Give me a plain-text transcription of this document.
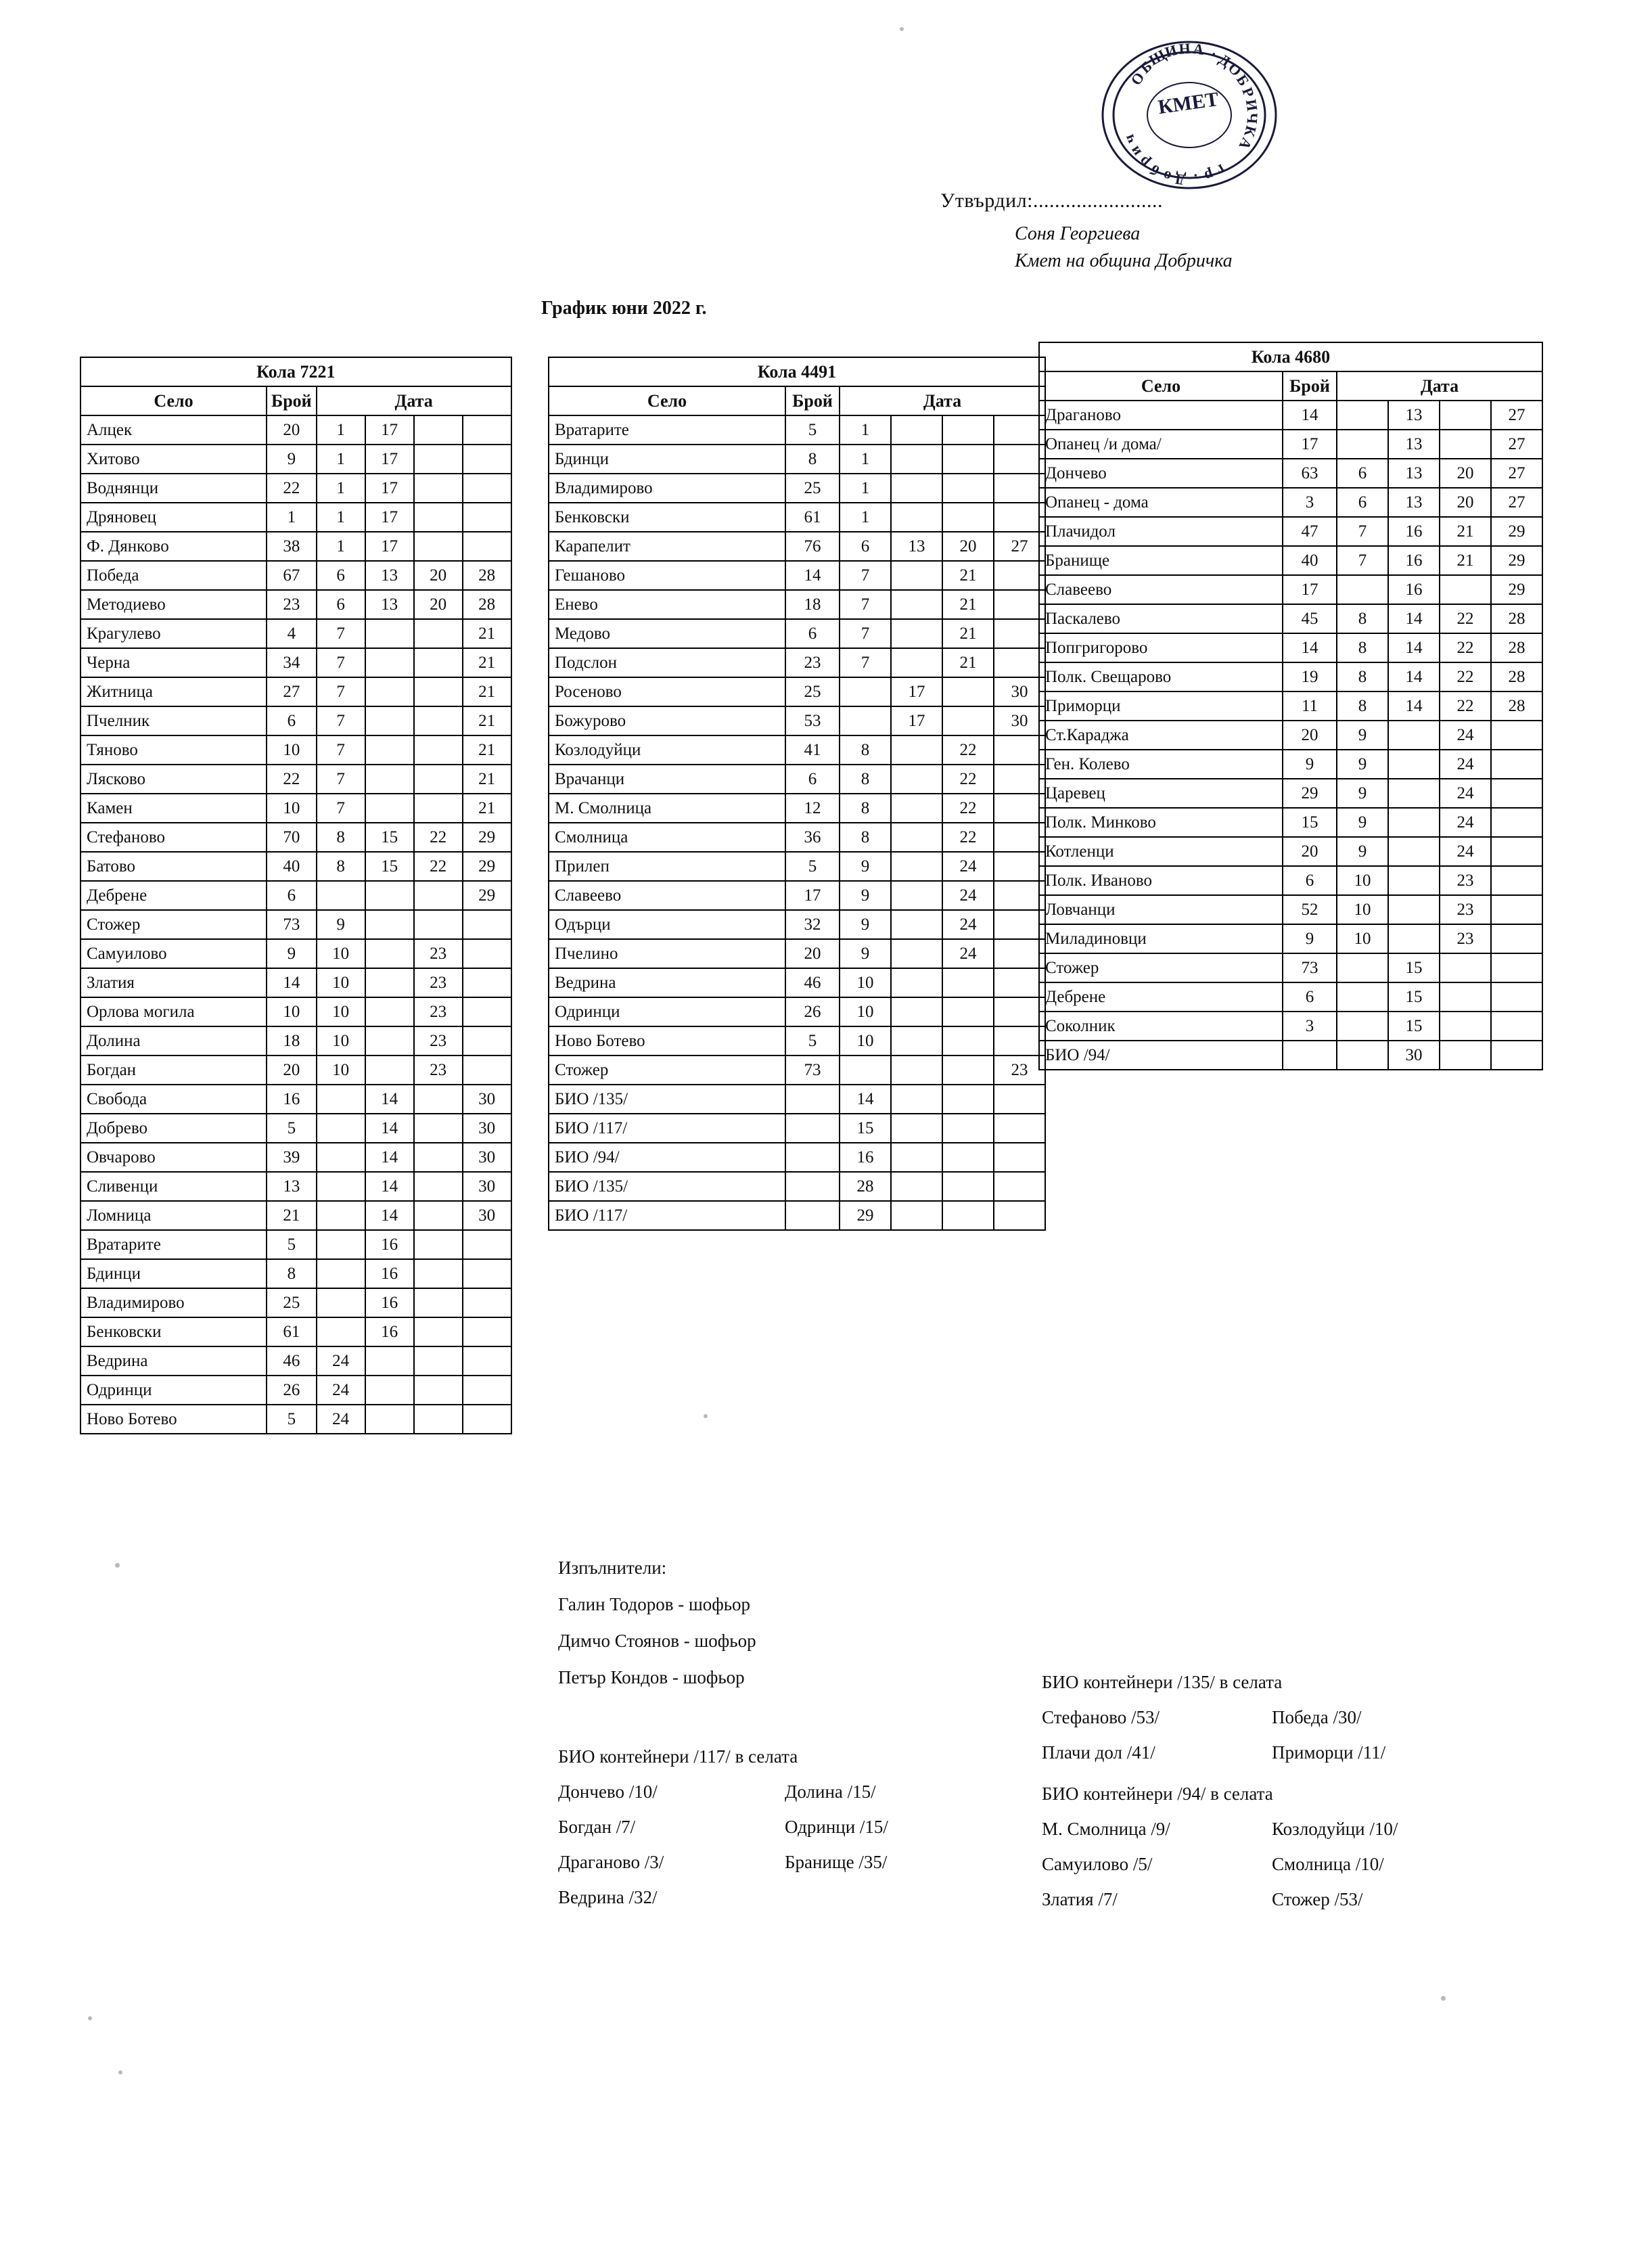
О
Б
Щ
И Н А ·
Д
О
Б
Р
И
Ч
К
А
г
р
.
Д
о
б
р
и
ч
КМЕТ
Утвърдил:........................
Соня Георгиева
Кмет на община Добричка
График юни 2022 г.
Кола 7221					
Село	Брой	Дата			
Алцек	20	1	17		
Хитово	9	1	17		
Воднянци	22	1	17		
Дряновец	1	1	17		
Ф. Дянково	38	1	17		
Победа	67	6	13	20	28
Методиево	23	6	13	20	28
Крагулево	4	7			21
Черна	34	7			21
Житница	27	7			21
Пчелник	6	7			21
Тяново	10	7			21
Лясково	22	7			21
Камен	10	7			21
Стефаново	70	8	15	22	29
Батово	40	8	15	22	29
Дебрене	6				29
Стожер	73	9			
Самуилово	9	10		23	
Златия	14	10		23	
Орлова могила	10	10		23	
Долина	18	10		23	
Богдан	20	10		23	
Свобода	16		14		30
Добрево	5		14		30
Овчарово	39		14		30
Сливенци	13		14		30
Ломница	21		14		30
Вратарите	5		16		
Бдинци	8		16		
Владимирово	25		16		
Бенковски	61		16		
Ведрина	46	24			
Одринци	26	24			
Ново Ботево	5	24			
Кола 4491					
Село	Брой	Дата			
Вратарите	5	1			
Бдинци	8	1			
Владимирово	25	1			
Бенковски	61	1			
Карапелит	76	6	13	20	27
Гешаново	14	7		21	
Енево	18	7		21	
Медово	6	7		21	
Подслон	23	7		21	
Росеново	25		17		30
Божурово	53		17		30
Козлодуйци	41	8		22	
Врачанци	6	8		22	
М. Смолница	12	8		22	
Смолница	36	8		22	
Прилеп	5	9		24	
Славеево	17	9		24	
Одърци	32	9		24	
Пчелино	20	9		24	
Ведрина	46	10			
Одринци	26	10			
Ново Ботево	5	10			
Стожер	73				23
БИО /135/		14			
БИО /117/		15			
БИО /94/		16			
БИО /135/		28			
БИО /117/		29			
Кола 4680					
Село	Брой	Дата			
Драганово	14		13		27
Опанец /и дома/	17		13		27
Дончево	63	6	13	20	27
Опанец - дома	3	6	13	20	27
Плачидол	47	7	16	21	29
Бранище	40	7	16	21	29
Славеево	17		16		29
Паскалево	45	8	14	22	28
Попгригорово	14	8	14	22	28
Полк. Свещарово	19	8	14	22	28
Приморци	11	8	14	22	28
Ст.Караджа	20	9		24	
Ген. Колево	9	9		24	
Царевец	29	9		24	
Полк. Минково	15	9		24	
Котленци	20	9		24	
Полк. Иваново	6	10		23	
Ловчанци	52	10		23	
Миладиновци	9	10		23	
Стожер	73		15		
Дебрене	6		15		
Соколник	3		15		
БИО /94/			30		
Изпълнители:
Галин Тодоров - шофьор
Димчо Стоянов - шофьор
Петър Кондов - шофьор
БИО контейнери /117/ в селата
Дончево /10/	Долина /15/
Богдан /7/	Одринци /15/
Драганово /3/	Бранище /35/
Ведрина /32/
БИО контейнери /135/ в селата
Стефаново /53/	Победа /30/
Плачи дол /41/	Приморци /11/
БИО контейнери /94/ в селата
М. Смолница /9/	Козлодуйци /10/
Самуилово /5/	Смолница /10/
Златия /7/	Стожер /53/
